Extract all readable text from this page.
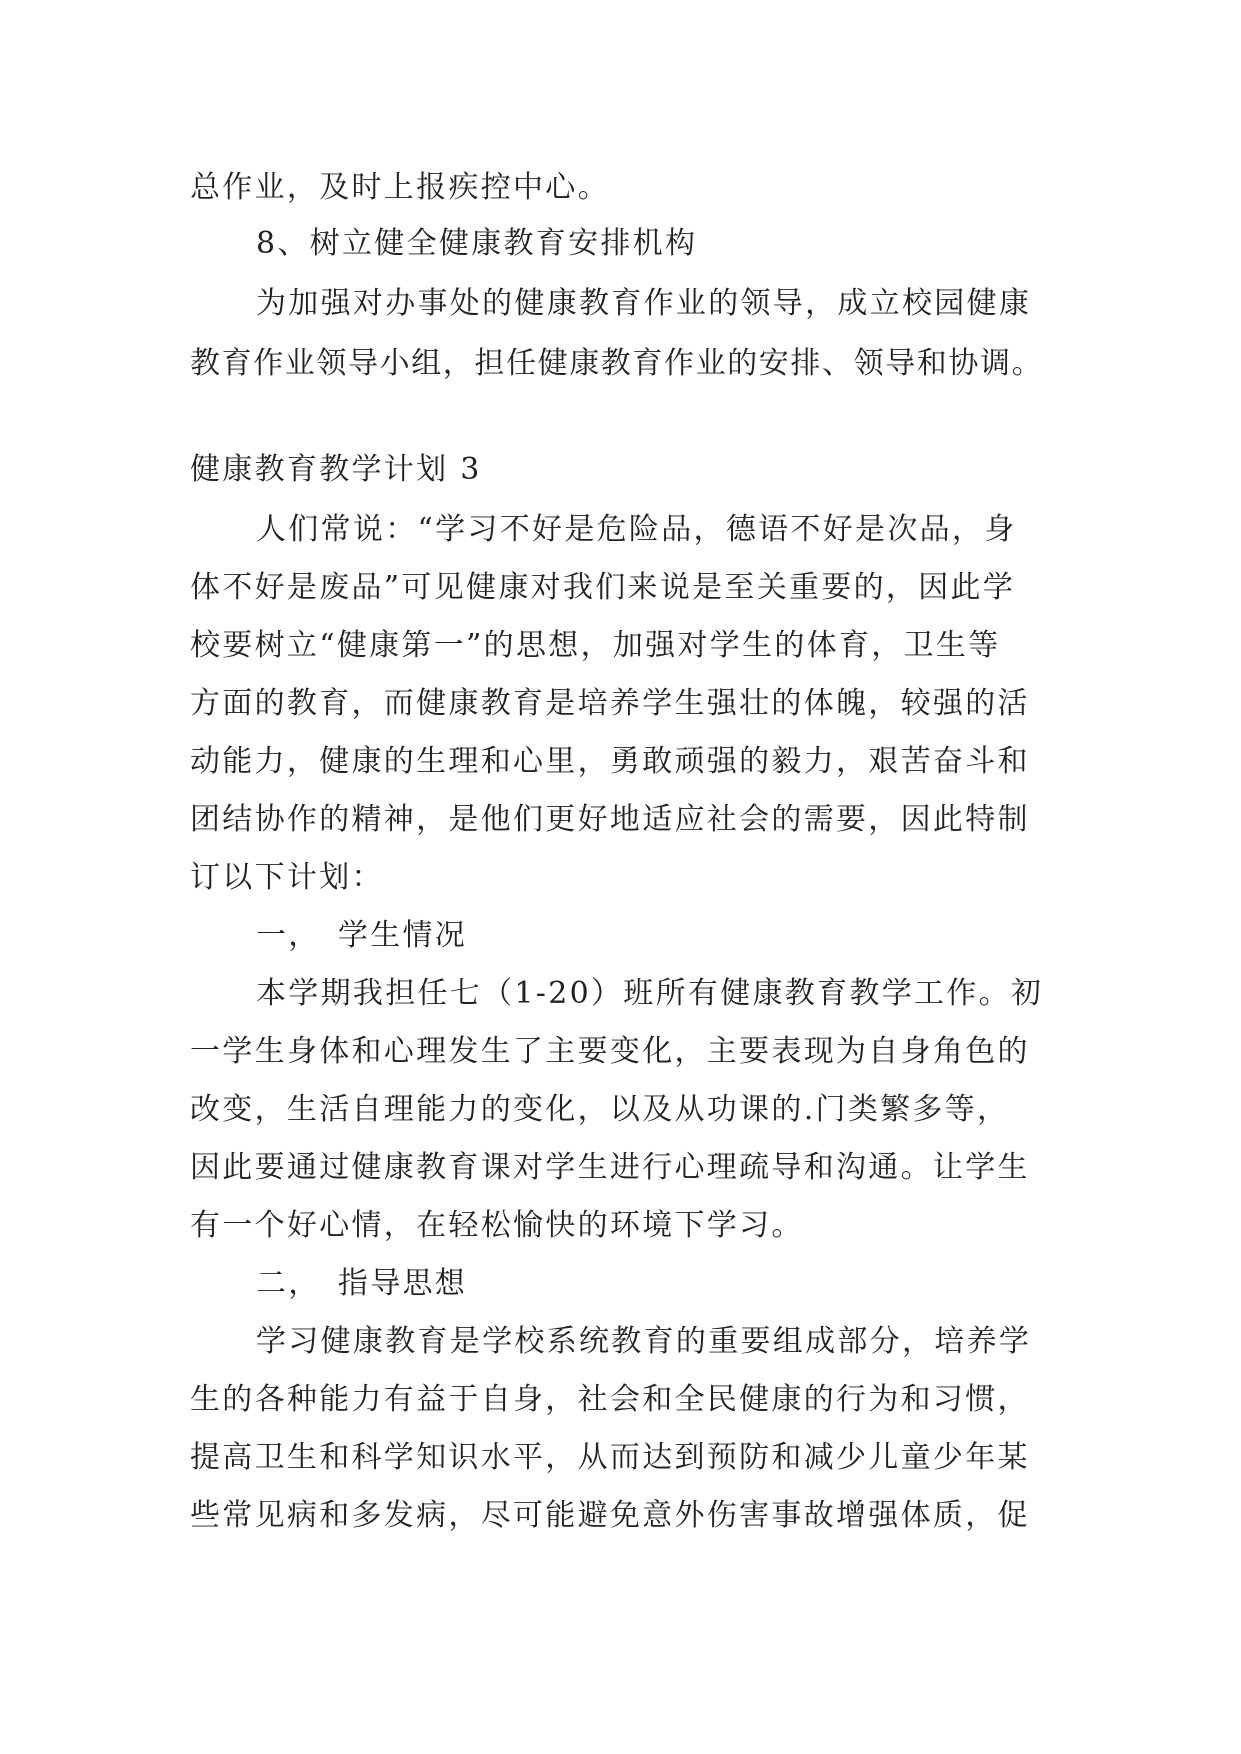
总作业，及时上报疾控中心。
8、树立健全健康教育安排机构
为加强对办事处的健康教育作业的领导，成立校园健康
教育作业领导小组，担任健康教育作业的安排、领导和协调。
健康教育教学计划 3
人们常说：“学习不好是危险品，德语不好是次品，身
体不好是废品”可见健康对我们来说是至关重要的，因此学
校要树立“健康第一”的思想，加强对学生的体育，卫生等
方面的教育，而健康教育是培养学生强壮的体魄，较强的活
动能力，健康的生理和心里，勇敢顽强的毅力，艰苦奋斗和
团结协作的精神，是他们更好地适应社会的需要，因此特制
订以下计划：
一，　学生情况
本学期我担任七（1-20）班所有健康教育教学工作。初
一学生身体和心理发生了主要变化，主要表现为自身角色的
改变，生活自理能力的变化，以及从功课的.门类繁多等，
因此要通过健康教育课对学生进行心理疏导和沟通。让学生
有一个好心情，在轻松愉快的环境下学习。
二，　指导思想
学习健康教育是学校系统教育的重要组成部分，培养学
生的各种能力有益于自身，社会和全民健康的行为和习惯，
提高卫生和科学知识水平，从而达到预防和减少儿童少年某
些常见病和多发病，尽可能避免意外伤害事故增强体质，促
